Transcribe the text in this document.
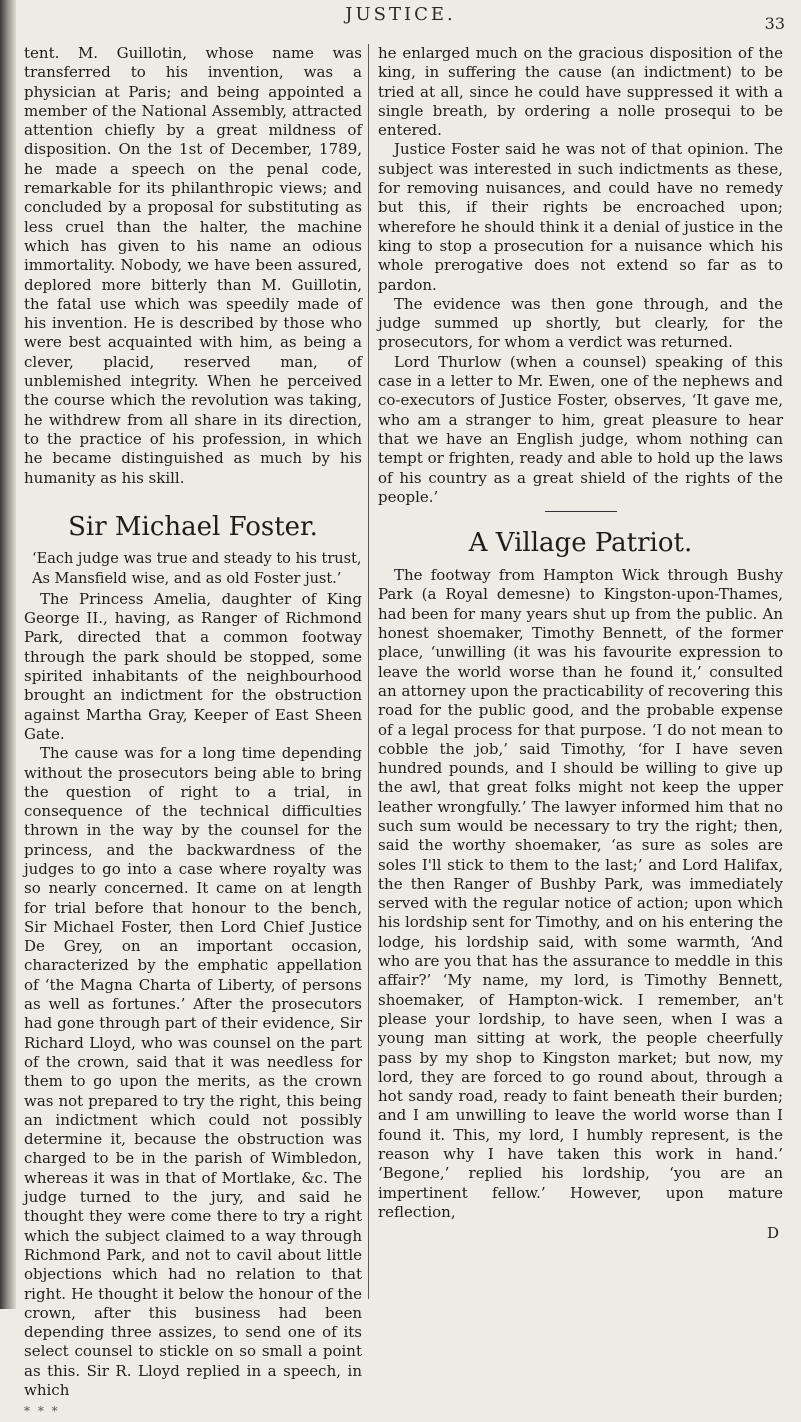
JUSTICE.	33

tent. M. Guillotin, whose name was transferred to his invention, was a physician at Paris; and being appointed a member of the National Assembly, attracted attention chiefly by a great mildness of disposition. On the 1st of December, 1789, he made a speech on the penal code, remarkable for its philanthropic views; and concluded by a proposal for substituting as less cruel than the halter, the machine which has given to his name an odious immortality. Nobody, we have been assured, deplored more bitterly than M. Guillotin, the fatal use which was speedily made of his invention. He is described by those who were best acquainted with him, as being a clever, placid, reserved man, of unblemished integrity. When he perceived the course which the revolution was taking, he withdrew from all share in its direction, to the practice of his profession, in which he became distinguished as much by his humanity as his skill.

Sir Michael Foster.

‘Each judge was true and steady to his trust,

As Mansfield wise, and as old Foster just.’

The Princess Amelia, daughter of King George II., having, as Ranger of Richmond Park, directed that a common footway through the park should be stopped, some spirited inhabitants of the neighbourhood brought an indictment for the obstruction against Martha Gray, Keeper of East Sheen Gate.

The cause was for a long time depending without the prosecutors being able to bring the question of right to a trial, in consequence of the technical difficulties thrown in the way by the counsel for the princess, and the backwardness of the judges to go into a case where royalty was so nearly concerned. It came on at length for trial before that honour to the bench, Sir Michael Foster, then Lord Chief Justice De Grey, on an important occasion, characterized by the emphatic appellation of ‘the Magna Charta of Liberty, of persons as well as fortunes.’ After the prosecutors had gone through part of their evidence, Sir Richard Lloyd, who was counsel on the part of the crown, said that it was needless for them to go upon the merits, as the crown was not prepared to try the right, this being an indictment which could not possibly determine it, because the obstruction was charged to be in the parish of Wimbledon, whereas it was in that of Mortlake, &c. The judge turned to the jury, and said he thought they were come there to try a right which the subject claimed to a way through Richmond Park, and not to cavil about little objections which had no relation to that right. He thought it below the honour of the crown, after this business had been depending three assizes, to send one of its select counsel to stickle on so small a point as this. Sir R. Lloyd replied in a speech, in which

* * *

he enlarged much on the gracious disposition of the king, in suffering the cause (an indictment) to be tried at all, since he could have suppressed it with a single breath, by ordering a nolle prosequi to be entered.

Justice Foster said he was not of that opinion. The subject was interested in such indictments as these, for removing nuisances, and could have no remedy but this, if their rights be encroached upon; wherefore he should think it a denial of justice in the king to stop a prosecution for a nuisance which his whole prerogative does not extend so far as to pardon.

The evidence was then gone through, and the judge summed up shortly, but clearly, for the prosecutors, for whom a verdict was returned.

Lord Thurlow (when a counsel) speaking of this case in a letter to Mr. Ewen, one of the nephews and co-executors of Justice Foster, observes, ‘It gave me, who am a stranger to him, great pleasure to hear that we have an English judge, whom nothing can tempt or frighten, ready and able to hold up the laws of his country as a great shield of the rights of the people.’

A Village Patriot.

The footway from Hampton Wick through Bushy Park (a Royal demesne) to Kingston-upon-Thames, had been for many years shut up from the public. An honest shoemaker, Timothy Bennett, of the former place, ‘unwilling (it was his favourite expression to leave the world worse than he found it,’ consulted an attorney upon the practicability of recovering this road for the public good, and the probable expense of a legal process for that purpose. ‘I do not mean to cobble the job,’ said Timothy, ‘for I have seven hundred pounds, and I should be willing to give up the awl, that great folks might not keep the upper leather wrongfully.’ The lawyer informed him that no such sum would be necessary to try the right; then, said the worthy shoemaker, ‘as sure as soles are soles I'll stick to them to the last;’ and Lord Halifax, the then Ranger of Bushby Park, was immediately served with the regular notice of action; upon which his lordship sent for Timothy, and on his entering the lodge, his lordship said, with some warmth, ‘And who are you that has the assurance to meddle in this affair?’ ‘My name, my lord, is Timothy Bennett, shoemaker, of Hampton-wick. I remember, an't please your lordship, to have seen, when I was a young man sitting at work, the people cheerfully pass by my shop to Kingston market; but now, my lord, they are forced to go round about, through a hot sandy road, ready to faint beneath their burden; and I am unwilling to leave the world worse than I found it. This, my lord, I humbly represent, is the reason why I have taken this work in hand.’ ‘Begone,’ replied his lordship, ‘you are an impertinent fellow.’ However, upon mature reflection,

D
